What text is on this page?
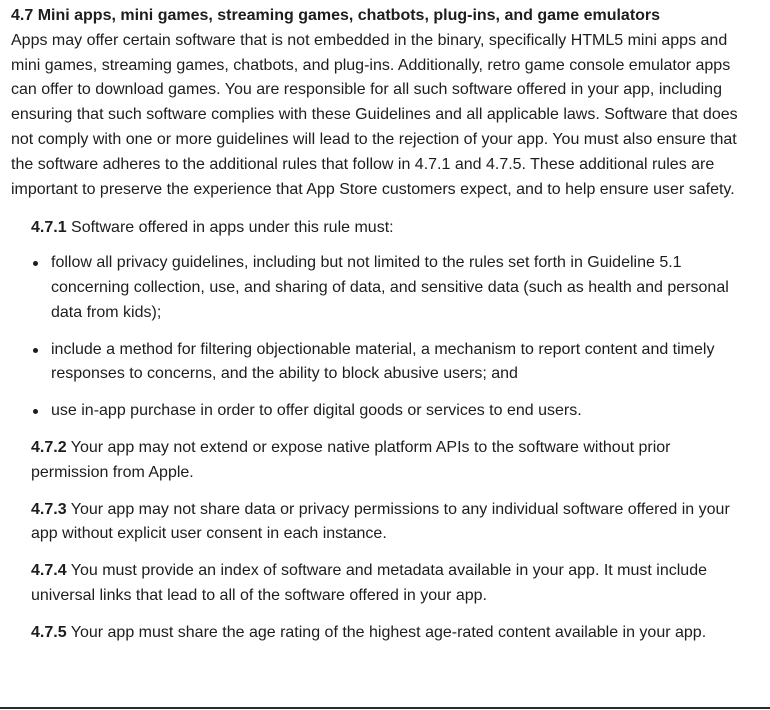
4.7 Mini apps, mini games, streaming games, chatbots, plug-ins, and game emulators

Apps may offer certain software that is not embedded in the binary, specifically HTML5 mini apps and mini games, streaming games, chatbots, and plug-ins. Additionally, retro game console emulator apps can offer to download games. You are responsible for all such software offered in your app, including ensuring that such software complies with these Guidelines and all applicable laws. Software that does not comply with one or more guidelines will lead to the rejection of your app. You must also ensure that the software adheres to the additional rules that follow in 4.7.1 and 4.7.5. These additional rules are important to preserve the experience that App Store customers expect, and to help ensure user safety.

4.7.1 Software offered in apps under this rule must:

follow all privacy guidelines, including but not limited to the rules set forth in Guideline 5.1 concerning collection, use, and sharing of data, and sensitive data (such as health and personal data from kids);
include a method for filtering objectionable material, a mechanism to report content and timely responses to concerns, and the ability to block abusive users; and
use in-app purchase in order to offer digital goods or services to end users.

4.7.2 Your app may not extend or expose native platform APIs to the software without prior permission from Apple.

4.7.3 Your app may not share data or privacy permissions to any individual software offered in your app without explicit user consent in each instance.

4.7.4 You must provide an index of software and metadata available in your app. It must include universal links that lead to all of the software offered in your app.

4.7.5 Your app must share the age rating of the highest age-rated content available in your app.
